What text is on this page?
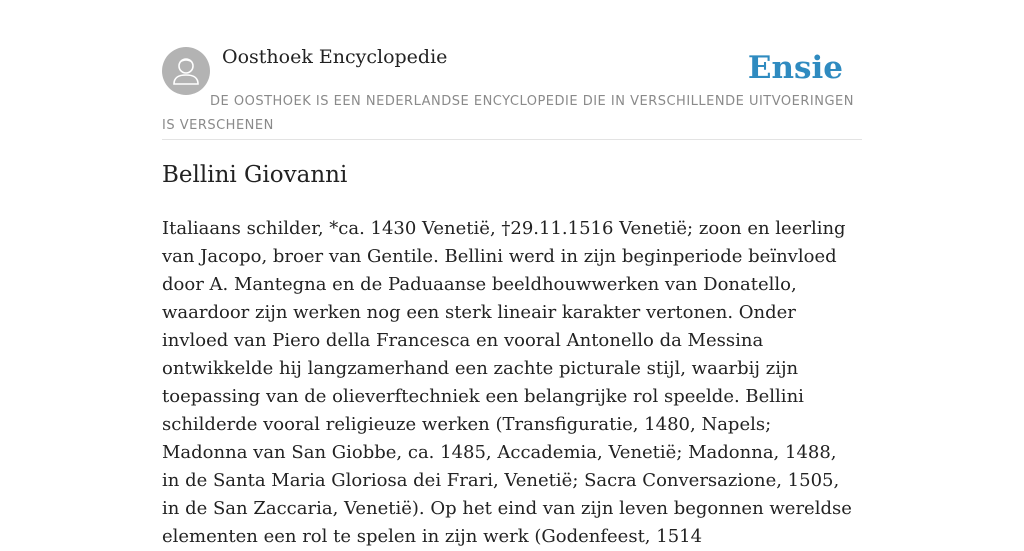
Oosthoek Encyclopedie	Ensie
DE OOSTHOEK IS EEN NEDERLANDSE ENCYCLOPEDIE DIE IN VERSCHILLENDE UITVOERINGEN IS VERSCHENEN
Bellini Giovanni

Italiaans schilder, *ca. 1430 Venetië, †29.11.1516 Venetië; zoon en leerling van Jacopo, broer van Gentile. Bellini werd in zijn beginperiode beïnvloed door A. Mantegna en de Paduaanse beeldhouwwerken van Donatello, waardoor zijn werken nog een sterk lineair karakter vertonen. Onder invloed van Piero della Francesca en vooral Antonello da Messina ontwikkelde hij langzamerhand een zachte picturale stijl, waarbij zijn toepassing van de olieverftechniek een belangrijke rol speelde. Bellini schilderde vooral religieuze werken (Transfiguratie, 1480, Napels; Madonna van San Giobbe, ca. 1485, Accademia, Venetië; Madonna, 1488, in de Santa Maria Gloriosa dei Frari, Venetië; Sacra Conversazione, 1505, in de San Zaccaria, Venetië). Op het eind van zijn leven begonnen wereldse elementen een rol te spelen in zijn werk (Godenfeest, 1514
